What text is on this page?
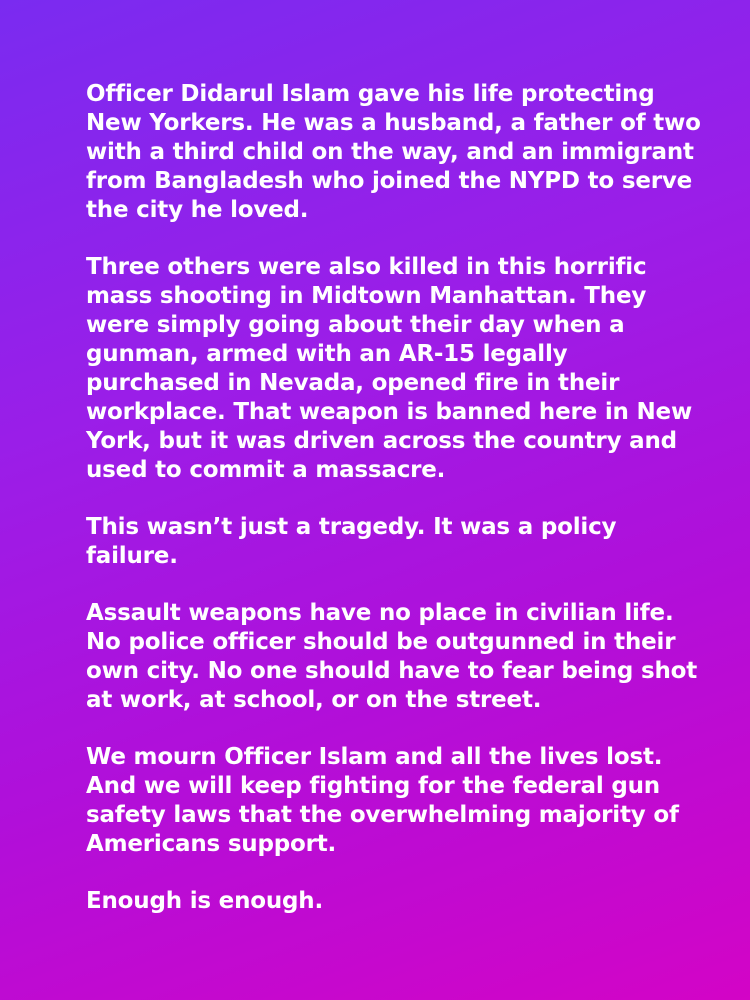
Officer Didarul Islam gave his life protecting
New Yorkers. He was a husband, a father of two
with a third child on the way, and an immigrant
from Bangladesh who joined the NYPD to serve
the city he loved.

Three others were also killed in this horrific
mass shooting in Midtown Manhattan. They
were simply going about their day when a
gunman, armed with an AR-15 legally
purchased in Nevada, opened fire in their
workplace. That weapon is banned here in New
York, but it was driven across the country and
used to commit a massacre.

This wasn’t just a tragedy. It was a policy
failure.

Assault weapons have no place in civilian life.
No police officer should be outgunned in their
own city. No one should have to fear being shot
at work, at school, or on the street.

We mourn Officer Islam and all the lives lost.
And we will keep fighting for the federal gun
safety laws that the overwhelming majority of
Americans support.

Enough is enough.
